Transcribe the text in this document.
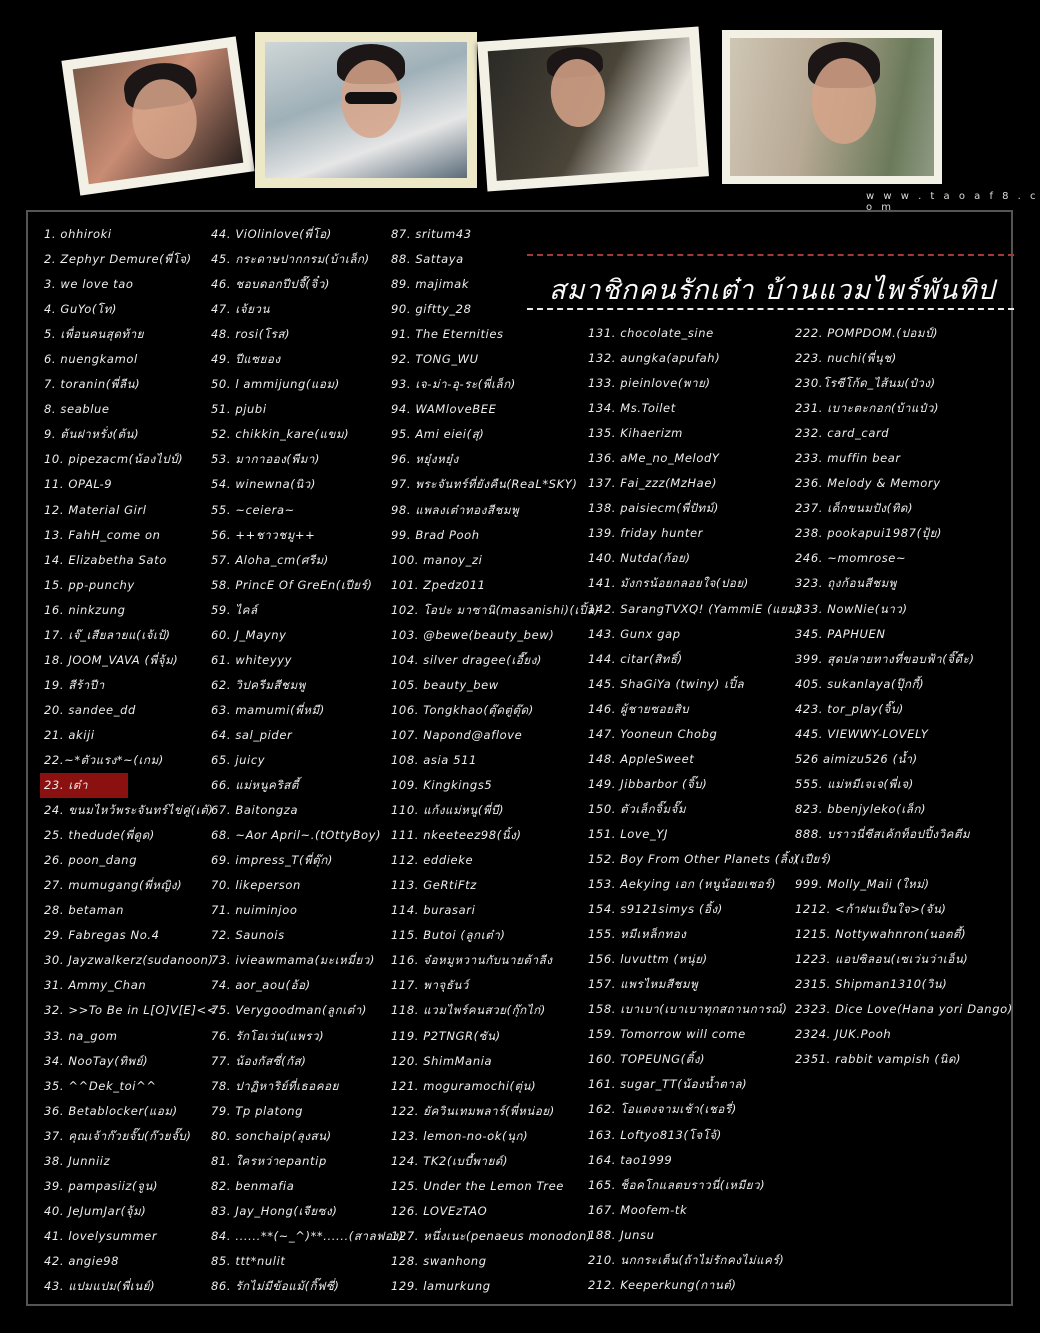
w w w . t a o a f 8 . c o m
สมาชิกคนรักเต๋า บ้านแวมไพร์พันทิป
1. ohhiroki
2. Zephyr Demure(พี่โจ)
3. we love tao
4. GuYo(โท)
5. เพื่อนคนสุดท้าย
6. nuengkamol
7. toranin(พี่ลีน)
8. seablue
9. ต้นฝาหรั่ง(ต้น)
10. pipezacm(น้องไปป์)
11. OPAL-9
12. Material Girl
13. FahH_come on
14. Elizabetha Sato
15. pp-punchy
16. ninkzung
17. เจ๊_เสียลายแ(เจ้เป้)
18. JOOM_VAVA (พี่จุ้ม)
19. สีร้าปีา
20. sandee_dd
21. akiji
22.~*ตัวแรง*~(เกม)
23. เต๋า
24. ขนมไหว้พระจันทร์ไข่คู่(เต้)
25. thedude(พี่ดูด)
26. poon_dang
27. mumugang(พี่หญิง)
28. betaman
29. Fabregas No.4
30. Jayzwalkerz(sudanoon)
31. Ammy_Chan
32. >>To Be in L[O]V[E]<<
33. na_gom
34. NooTay(ทิพย์)
35. ^^Dek_toi^^
36. Betablocker(แอม)
37. คุณเจ้าก๊วยจั๊บ(ก๊วยจั๊บ)
38. Junniiz
39. pampasiiz(จูน)
40. JeJumJar(จุ้ม)
41. lovelysummer
42. angie98
43. แปมแปม(พี่เนย์)
44. ViOlinlove(พี่โอ)
45. กระดาษปากกรม(บ้าเล็ก)
46. ชอบดอกปีปจี๊(จิ๋ว)
47. เจ้ยวน
48. rosi(โรส)
49. ปีแซยอง
50. l ammijung(แอม)
51. pjubi
52. chikkin_kare(แขม)
53. มากาออง(พีมา)
54. winewna(นิว)
55. ~ceiera~
56. ++ชาวชมู++
57. Aloha_cm(ศรีม)
58. PrincE Of GreEn(เปียร์)
59. ไคล์
60. J_Mayny
61. whiteyyy
62. วิปครีมสีชมพู
63. mamumi(พี่หมี)
64. sal_pider
65. juicy
66. แม่หนูคริสตี้
67. Baitongza
68. ~Aor April~.(tOttyBoy)
69. impress_T(พี่ตุ๊ก)
70. likeperson
71. nuiminjoo
72. Saunois
73. ivieawmama(มะเหมี่ยว)
74. aor_aou(อ้อ)
75. Verygoodman(ลูกเต๋า)
76. รักโอเว่น(แพรว)
77. น้องกัสซี่(กัส)
78. ปาฏิหาริย์ที่เธอคอย
79. Tp platong
80. sonchaip(ลุงสน)
81. ใครหว่าepantip
82. benmafia
83. Jay_Hong(เจียซง)
84. ......**(~_^)**......(สาลฟอง)
85. ttt*nulit
86. รักไม่มีข้อแม้(กิ๊ฟซี่)
87. sritum43
88. Sattaya
89. majimak
90. giftty_28
91. The Eternities
92. TONG_WU
93. เจ-ม่า-อุ-ระ(พี่เล็ก)
94. WAMloveBEE
95. Ami eiei(สุ)
96. หยุ๋งหยุ๋ง
97. พระจันทร์ที่ยังคืน(ReaL*SKY)
98. แพลงเต๋าทองสีชมพู
99. Brad Pooh
100. manoy_zi
101. Zpedz011
102. โอปะ มาซานิ(masanishi)(เปิ้ล)
103. @bewe(beauty_bew)
104. silver dragee(เอี๊ยง)
105. beauty_bew
106. Tongkhao(ตุ๊ดตู่ตุ๊ด)
107. Napond@aflove
108. asia 511
109. Kingkings5
110. แก้งแม่หนู(พี่บี)
111. nkeeteez98(นิ้ง)
112. eddieke
113. GeRtiFtz
114. burasari
115. Butoi (ลูกเต๋า)
116. จ๋อหมูหวานกับนายต้าลีง
117. พาจุธันว์
118. แวมไพร์คนสวย(กุ๊กไก่)
119. P2TNGR(ซัน)
120. ShimMania
121. moguramochi(ตุ่น)
122. ยัควินเทมพลาร์(พี่หน่อย)
123. lemon-no-ok(นุก)
124. TK2(เบบี้พายด์)
125. Under the Lemon Tree
126. LOVEzTAO
127. หนึ่งเนะ(penaeus monodon)
128. swanhong
129. lamurkung
131. chocolate_sine
132. aungka(apufah)
133. pieinlove(พาย)
134. Ms.Toilet
135. Kihaerizm
136. aMe_no_MelodY
137. Fai_zzz(MzHae)
138. paisiecm(พี่ปัทม์)
139. friday hunter
140. Nutda(ก้อย)
141. มังกรน้อยกลอยใจ(ปอย)
142. SarangTVXQ! (YammiE (แยม)
143. Gunx gap
144. citar(สิทธิ์)
145. ShaGiYa (twiny) เปิ้ล
146. ผู้ชายซอยสิบ
147. Yooneun Chobg
148. AppleSweet
149. Jibbarbor (จิ๊บ)
150. ตัวเล็กจิ๊มจั๊ม
151. Love_YJ
152. Boy From Other Planets (ลิ้ง)
153. Aekying เอก (หนูน้อยเซอร์)
154. s9121simys (อิ้ง)
155. หมีเหล็กทอง
156. luvuttm (หนุ่ย)
157. แพรไหมสีชมพู
158. เบาเบา(เบาเบาทุกสถานการณ์)
159. Tomorrow will come
160. TOPEUNG(ติ้ง)
161. sugar_TT(น้องน้ำตาล)
162. โอแดงจามเช้า(เชอรี่)
163. Loftyo813(โจโจ้)
164. tao1999
165. ช็อคโกแลตบราวนี่(เหมียว)
167. Moofem-tk
188. Junsu
210. นกกระเต็น(ถ้าไม่รักคงไม่แคร์)
212. Keeperkung(กานต์)
222. POMPDOM.(ปอมป์)
223. nuchi(พี่นุช)
230.โรซีโก้ด_ไส้นม(ป๋วง)
231. เบาะตะกอก(บ้าแป๋ว)
232. card_card
233. muffin bear
236. Melody & Memory
237. เด็กขนมปัง(ทิด)
238. pookapui1987(ปุ้ย)
246. ~momrose~
323. ถุงก้อนสีชมพู
333. NowNie(นาว)
345. PAPHUEN
399. สุดปลายทางที่ขอบฟ้า(จิ๊ดีะ)
405. sukanlaya(ปุ๊กกี้)
423. tor_play(จิ๊บ)
445. VIEWWY-LOVELY
526 aimizu526 (น้ำ)
555. แม่หมีเจเจ(พี่เจ)
823. bbenjyleko(เล็ก)
888. บราวนี่ซีสเค้กท็อปปิ้งวิคตีม
(เปียร์)
999. Molly_Maii (ใหม่)
1212. <ก้าฝนเป็นใจ>(จัน)
1215. Nottywahnron(นอตตี้)
1223. แอปซิลอน(เซเว่นว่าเอ็น)
2315. Shipman1310(วิน)
2323. Dice Love(Hana yori Dango)
2324. JUK.Pooh
2351. rabbit vampish (นิด)
